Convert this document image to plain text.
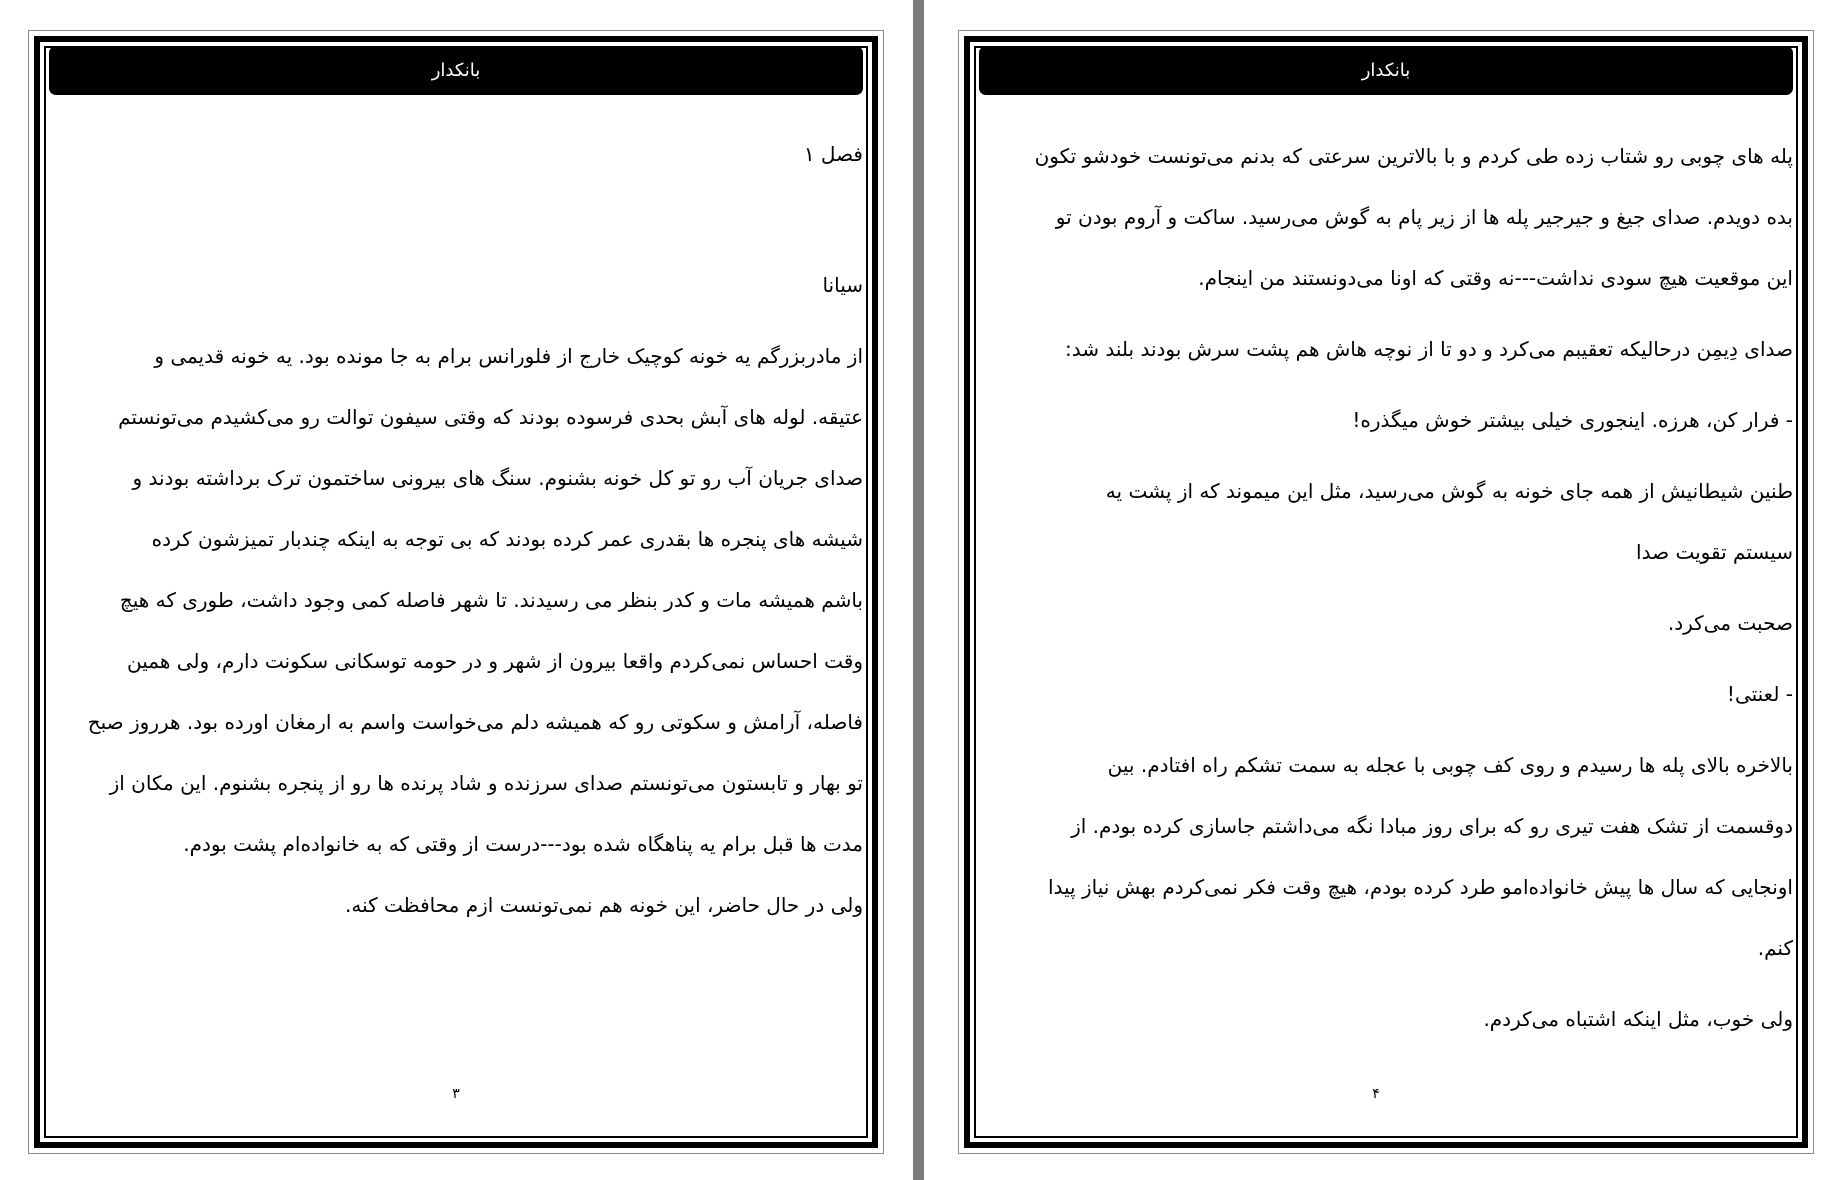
بانکدار
فصل ۱
سیانا
از مادربزرگم یه خونه کوچیک خارج از فلورانس برام به جا مونده بود. یه خونه قدیمی و
عتیقه. لوله های آبش بحدی فرسوده بودند که وقتی سیفون توالت رو می‌کشیدم می‌تونستم
صدای جریان آب رو تو کل خونه بشنوم. سنگ های بیرونی ساختمون ترک برداشته بودند و
شیشه های پنجره ها بقدری عمر کرده بودند که بی توجه به اینکه چندبار تمیزشون کرده
باشم همیشه مات و کدر بنظر می رسیدند. تا شهر فاصله کمی وجود داشت، طوری که هیچ
وقت احساس نمی‌کردم واقعا بیرون از شهر و در حومه توسکانی سکونت دارم، ولی همین
فاصله، آرامش و سکوتی رو که همیشه دلم می‌خواست واسم به ارمغان اورده بود. هرروز صبح
تو بهار و تابستون می‌تونستم صدای سرزنده و شاد پرنده ها رو از پنجره بشنوم. این مکان از
مدت ها قبل برام یه پناهگاه شده بود---درست از وقتی که به خانواده‌ام پشت بودم.
ولی در حال حاضر، این خونه هم نمی‌تونست ازم محافظت کنه.
۳
بانکدار
پله های چوبی رو شتاب زده طی کردم و با بالاترین سرعتی که بدنم می‌تونست خودشو تکون
بده دویدم. صدای جیغ و جیرجیر پله ها از زیر پام به گوش می‌رسید. ساکت و آروم بودن تو
این موقعیت هیچ سودی نداشت---نه وقتی که اونا می‌دونستند من اینجام.
صدای دِیمِن درحالیکه تعقیبم می‌کرد و دو تا از نوچه هاش هم پشت سرش بودند بلند شد:
- فرار کن، هرزه. اینجوری خیلی بیشتر خوش میگذره!
طنین شیطانیش از همه جای خونه به گوش می‌رسید، مثل این میموند که از پشت یه
سیستم تقویت صدا
صحبت می‌کرد.
- لعنتی!
بالاخره بالای پله ها رسیدم و روی کف چوبی با عجله به سمت تشکم راه افتادم. بین
دوقسمت از تشک هفت تیری رو که برای روز مبادا نگه می‌داشتم جاسازی کرده بودم. از
اونجایی که سال ها پیش خانواده‌امو طرد کرده بودم، هیچ وقت فکر نمی‌کردم بهش نیاز پیدا
کنم.
ولی خوب، مثل اینکه اشتباه می‌کردم.
۴
